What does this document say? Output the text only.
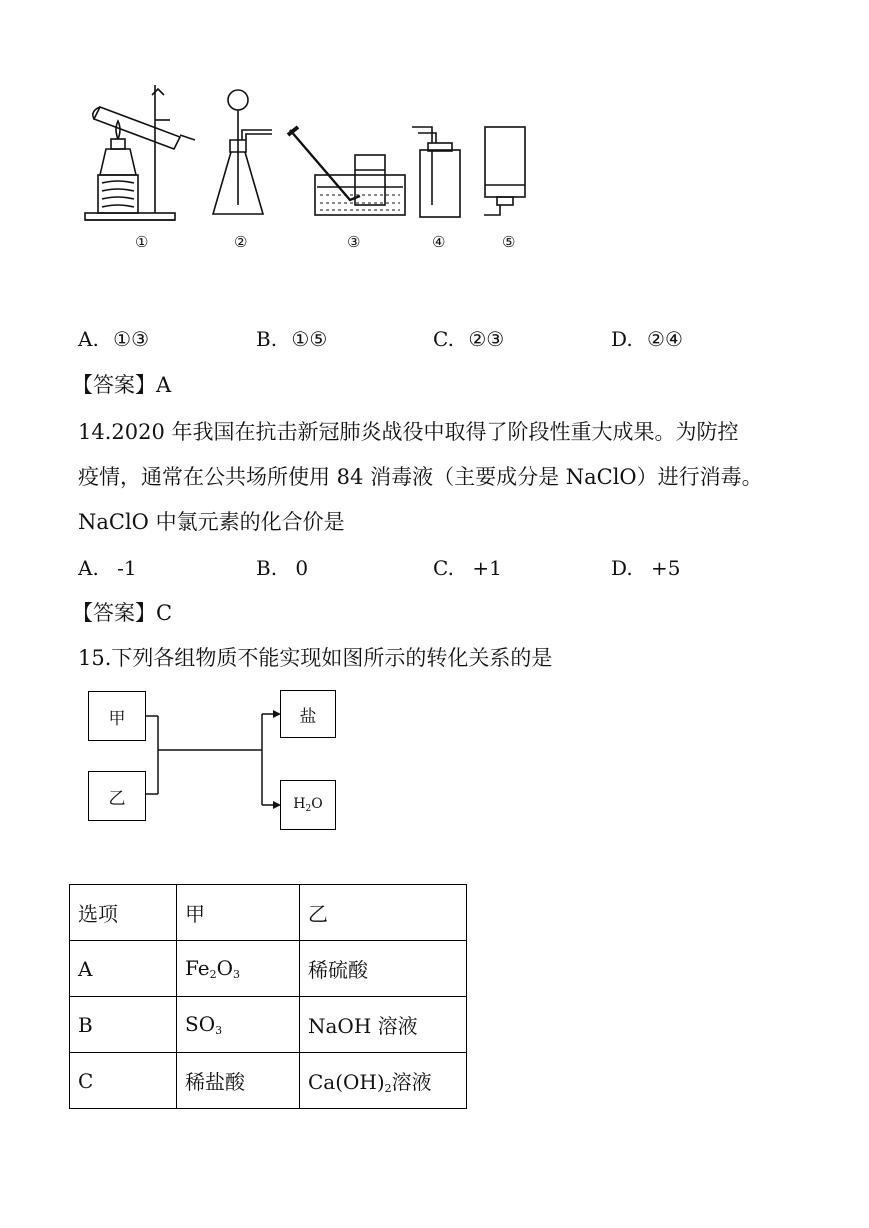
①	②	③	④	⑤
A. ①③	B. ①⑤	C. ②③	D. ②④
【答案】A
14.2020 年我国在抗击新冠肺炎战役中取得了阶段性重大成果。为防控
疫情，通常在公共场所使用 84 消毒液（主要成分是 NaClO）进行消毒。
NaClO 中氯元素的化合价是
A. -1	B. 0	C. +1	D. +5
【答案】C
15.下列各组物质不能实现如图所示的转化关系的是
甲
乙
盐
$H_2O$
选项	甲	乙
A	$Fe_2O_3$	稀硫酸
B	$SO_3$	NaOH 溶液
C	稀盐酸	$Ca(OH)_2$溶液
